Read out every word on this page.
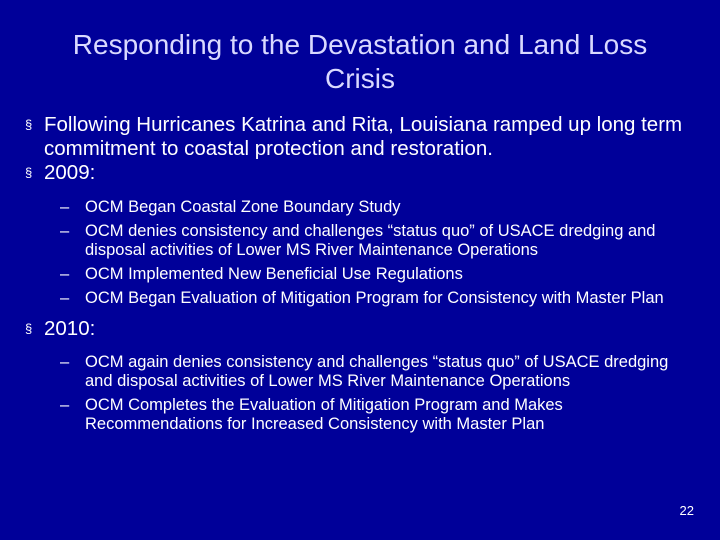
Responding to the Devastation and Land Loss Crisis

§ Following Hurricanes Katrina and Rita, Louisiana ramped up long term commitment to coastal protection and restoration.

§ 2009:

– OCM Began Coastal Zone Boundary Study
– OCM denies consistency and challenges “status quo” of USACE dredging and disposal activities of Lower MS River Maintenance Operations
– OCM Implemented New Beneficial Use Regulations
– OCM Began Evaluation of Mitigation Program for Consistency with Master Plan

§ 2010:

– OCM again denies consistency and challenges “status quo” of USACE dredging and disposal activities of Lower MS River Maintenance Operations
– OCM Completes the Evaluation of Mitigation Program and Makes Recommendations for Increased Consistency with Master Plan
22
